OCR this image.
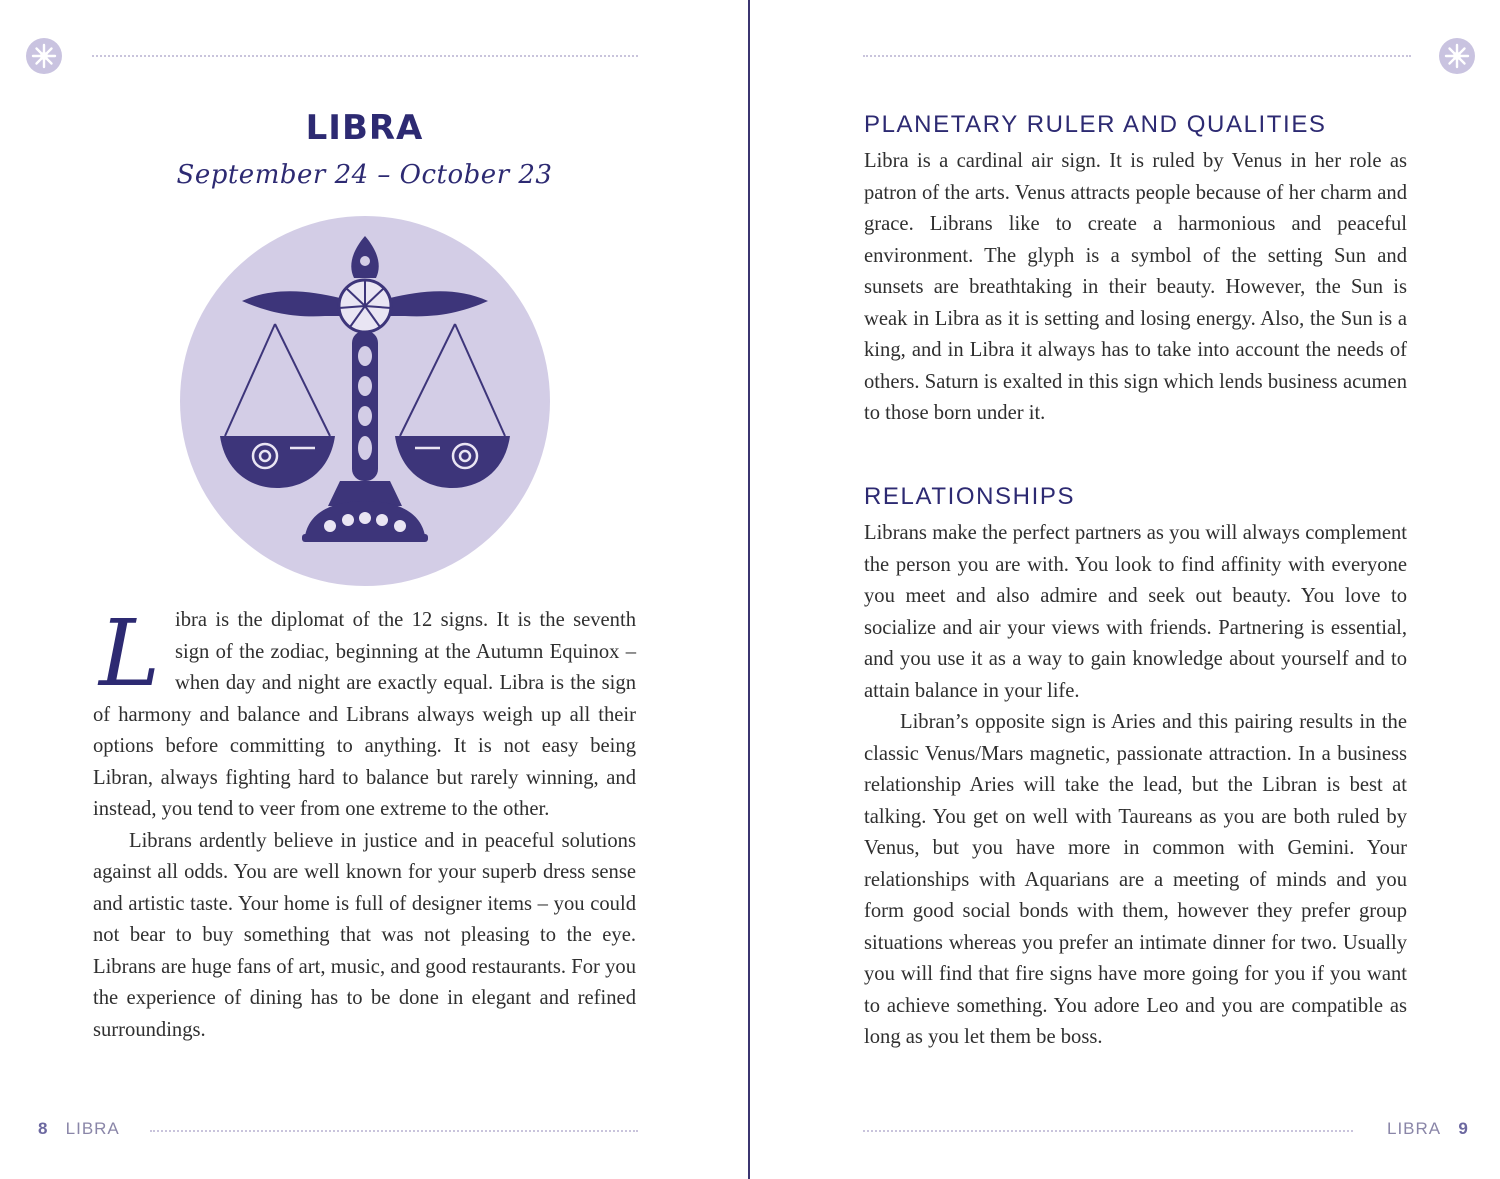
LIBRA
September 24 – October 23
L ibra is the diplomat of the 12 signs. It is the seventh sign of the zodiac, beginning at the Autumn Equinox – when day and night are exactly equal. Libra is the sign of harmony and balance and Librans always weigh up all their options before committing to anything. It is not easy being Libran, always fighting hard to balance but rarely winning, and instead, you tend to veer from one extreme to the other.

Librans ardently believe in justice and in peaceful solutions against all odds. You are well known for your superb dress sense and artistic taste. Your home is full of designer items – you could not bear to buy something that was not pleasing to the eye. Librans are huge fans of art, music, and good restaurants. For you the experience of dining has to be done in elegant and refined surroundings.

8 LIBRA	LIBRA 9
PLANETARY RULER AND QUALITIES

Libra is a cardinal air sign. It is ruled by Venus in her role as patron of the arts. Venus attracts people because of her charm and grace. Librans like to create a harmonious and peaceful environment. The glyph is a symbol of the setting Sun and sunsets are breathtaking in their beauty. However, the Sun is weak in Libra as it is setting and losing energy. Also, the Sun is a king, and in Libra it always has to take into account the needs of others. Saturn is exalted in this sign which lends business acumen to those born under it.

RELATIONSHIPS

Librans make the perfect partners as you will always complement the person you are with. You look to find affinity with everyone you meet and also admire and seek out beauty. You love to socialize and air your views with friends. Partnering is essential, and you use it as a way to gain knowledge about yourself and to attain balance in your life.

Libran’s opposite sign is Aries and this pairing results in the classic Venus/Mars magnetic, passionate attraction. In a business relationship Aries will take the lead, but the Libran is best at talking. You get on well with Taureans as you are both ruled by Venus, but you have more in common with Gemini. Your relationships with Aquarians are a meeting of minds and you form good social bonds with them, however they prefer group situations whereas you prefer an intimate dinner for two. Usually you will find that fire signs have more going for you if you want to achieve something. You adore Leo and you are compatible as long as you let them be boss.
